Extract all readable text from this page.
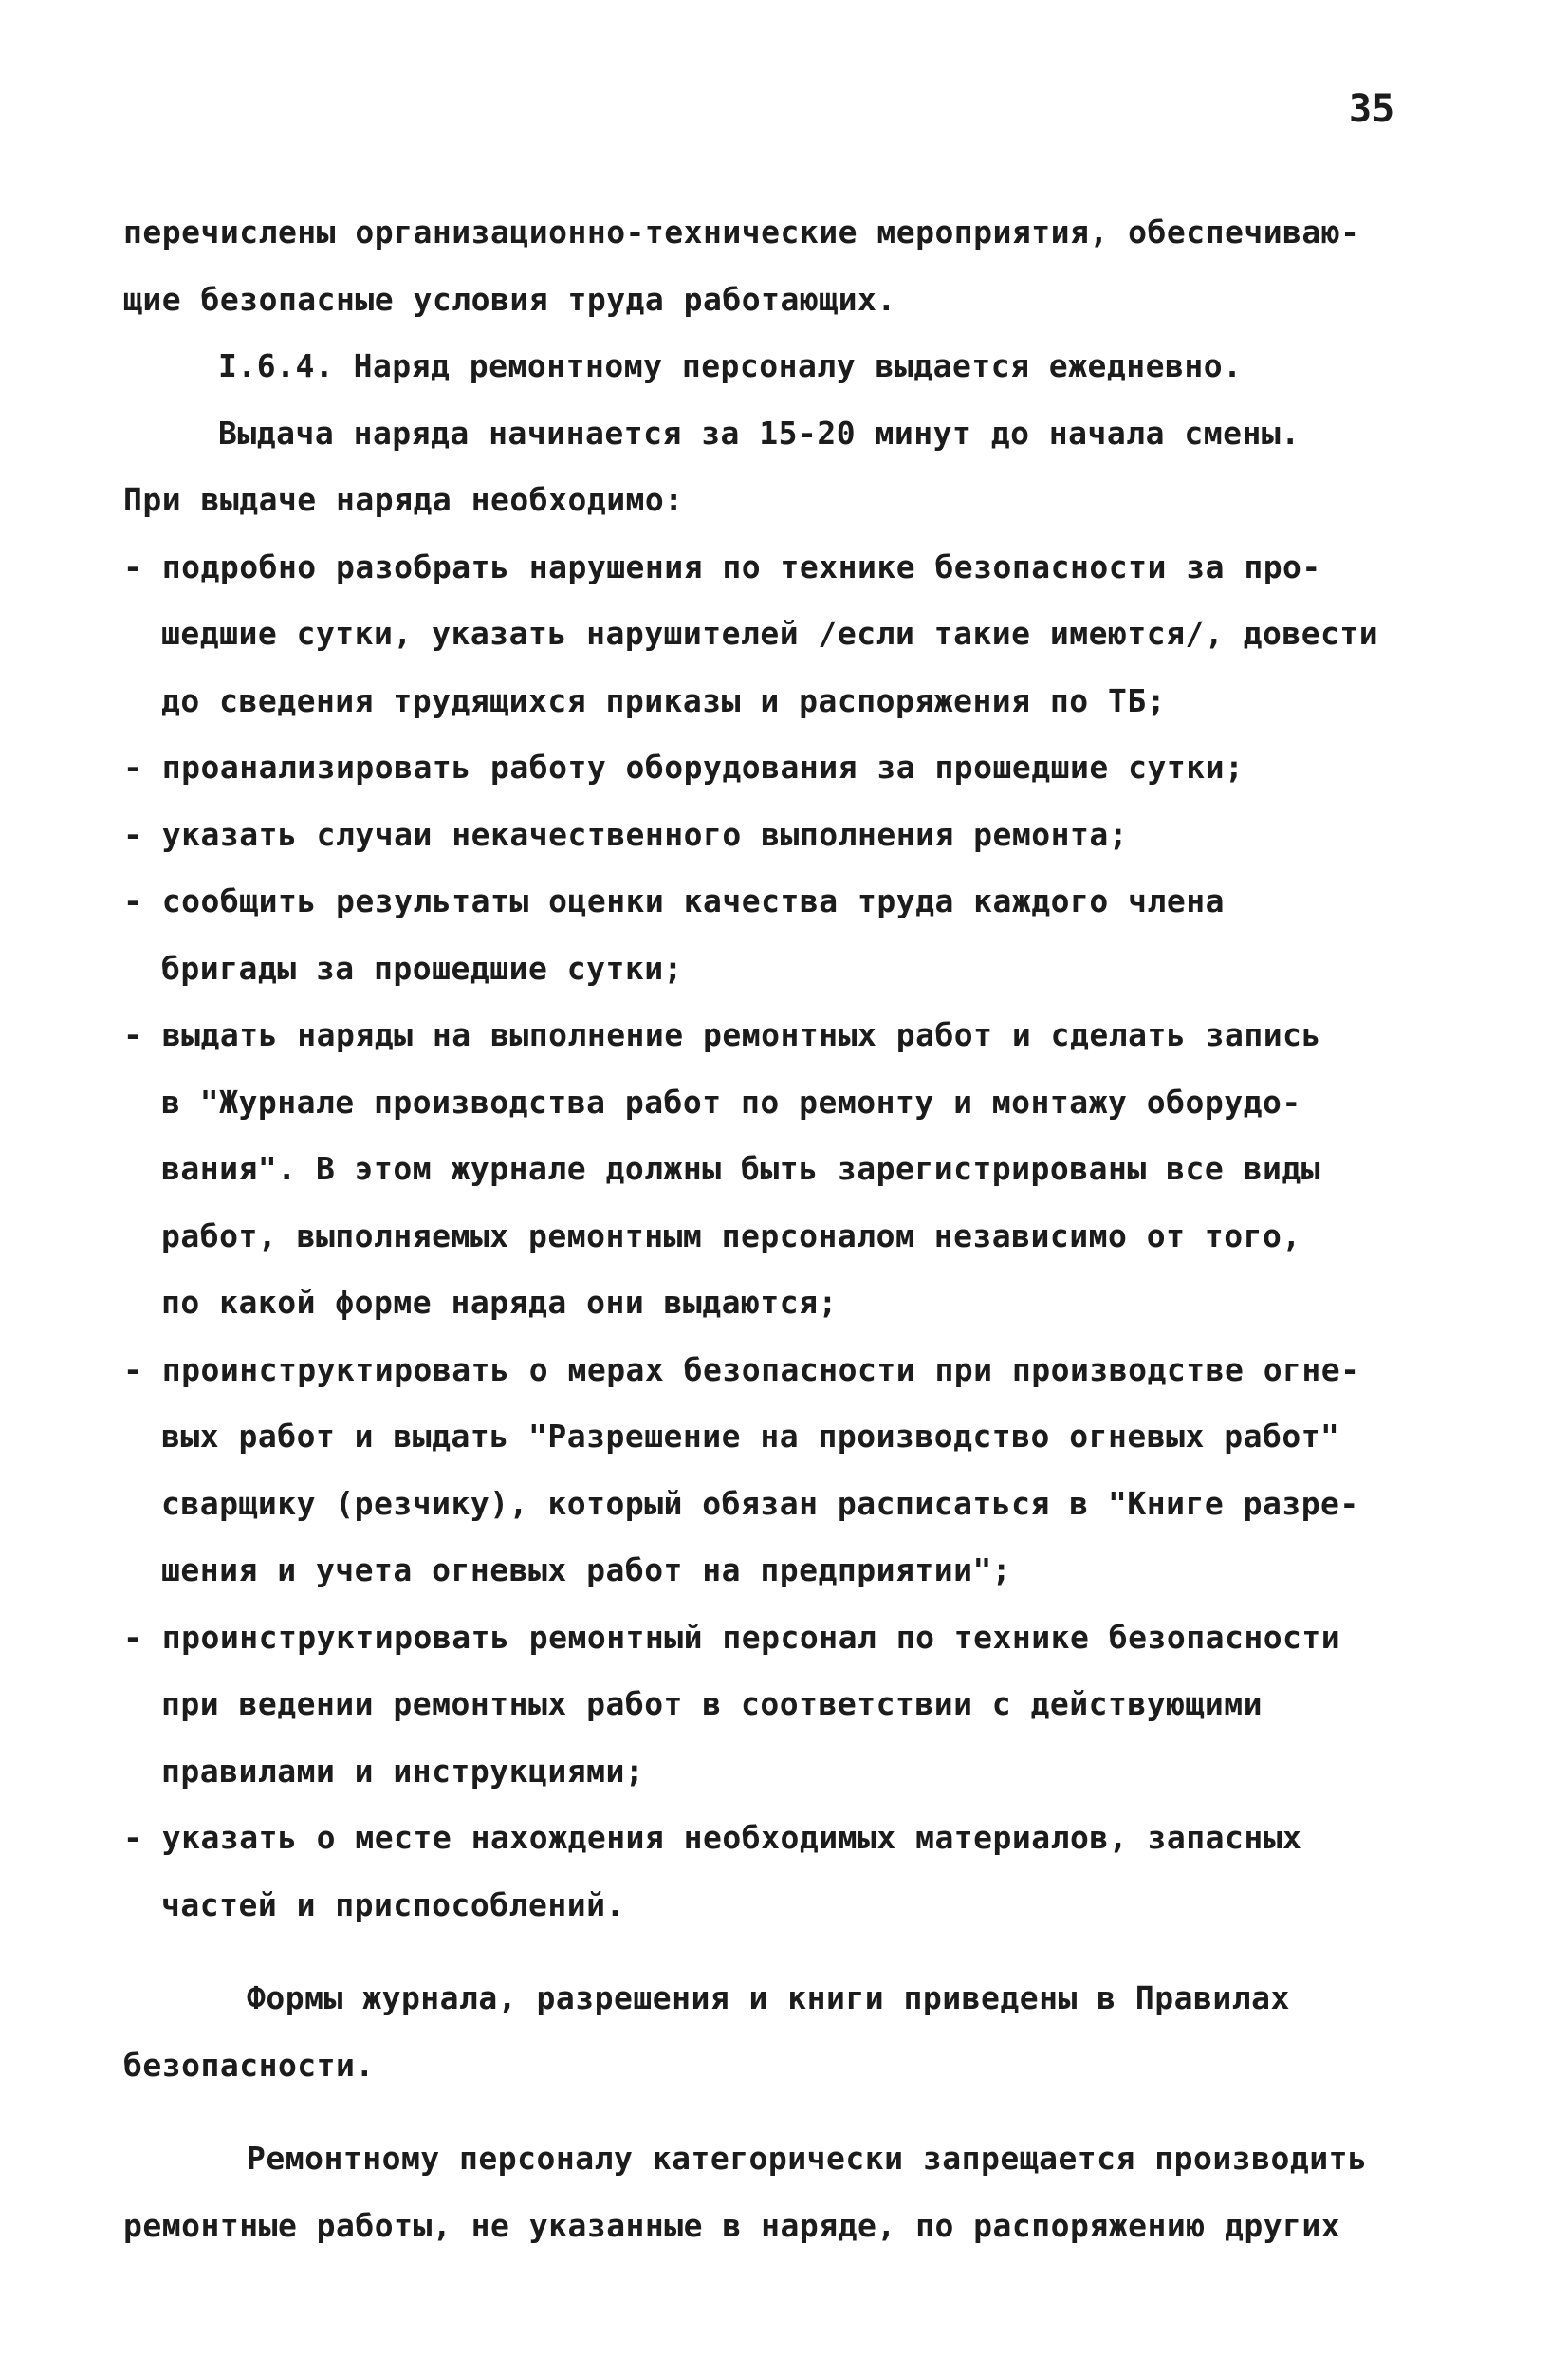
35
перечислены организационно-технические мероприятия, обеспечиваю-
щие безопасные условия труда работающих.
I.6.4. Наряд ремонтному персоналу выдается ежедневно.
Выдача наряда начинается за 15-20 минут до начала смены.
При выдаче наряда необходимо:
- подробно разобрать нарушения по технике безопасности за про-
шедшие сутки, указать нарушителей /если такие имеются/, довести
до сведения трудящихся приказы и распоряжения по ТБ;
- проанализировать работу оборудования за прошедшие сутки;
- указать случаи некачественного выполнения ремонта;
- сообщить результаты оценки качества труда каждого члена
бригады за прошедшие сутки;
- выдать наряды на выполнение ремонтных работ и сделать запись
в "Журнале производства работ по ремонту и монтажу оборудо-
вания". В этом журнале должны быть зарегистрированы все виды
работ, выполняемых ремонтным персоналом независимо от того,
по какой форме наряда они выдаются;
- проинструктировать о мерах безопасности при производстве огне-
вых работ и выдать "Разрешение на производство огневых работ"
сварщику (резчику), который обязан расписаться в "Книге разре-
шения и учета огневых работ на предприятии";
- проинструктировать ремонтный персонал по технике безопасности
при ведении ремонтных работ в соответствии с действующими
правилами и инструкциями;
- указать о месте нахождения необходимых материалов, запасных
частей и приспособлений.
Формы журнала, разрешения и книги приведены в Правилах
безопасности.
Ремонтному персоналу категорически запрещается производить
ремонтные работы, не указанные в наряде, по распоряжению других
